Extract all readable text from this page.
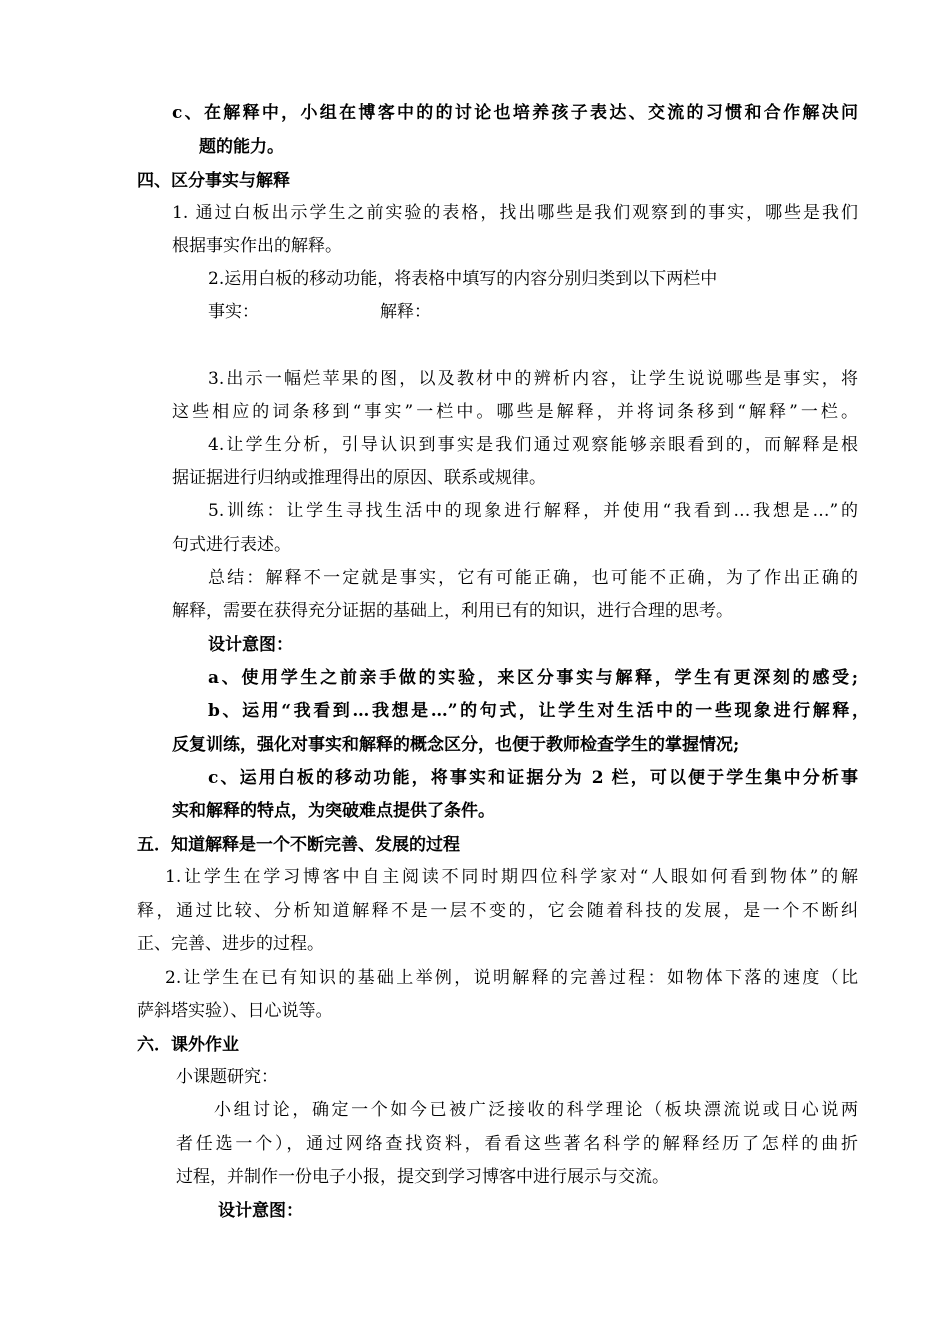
c、在解释中，小组在博客中的的讨论也培养孩子表达、交流的习惯和合作解决问
题的能力。
四、区分事实与解释
1. 通过白板出示学生之前实验的表格，找出哪些是我们观察到的事实，哪些是我们
根据事实作出的解释。
2.运用白板的移动功能，将表格中填写的内容分别归类到以下两栏中
事实：	解释：
3.出示一幅烂苹果的图，以及教材中的辨析内容，让学生说说哪些是事实，将
这些相应的词条移到“事实”一栏中。哪些是解释，并将词条移到“解释”一栏。
4.让学生分析，引导认识到事实是我们通过观察能够亲眼看到的，而解释是根
据证据进行归纳或推理得出的原因、联系或规律。
5.训练：让学生寻找生活中的现象进行解释，并使用“我看到…我想是…”的
句式进行表述。
总结：解释不一定就是事实，它有可能正确，也可能不正确，为了作出正确的
解释，需要在获得充分证据的基础上，利用已有的知识，进行合理的思考。
设计意图：
a、使用学生之前亲手做的实验，来区分事实与解释，学生有更深刻的感受;
b、运用“我看到…我想是…”的句式，让学生对生活中的一些现象进行解释，
反复训练，强化对事实和解释的概念区分，也便于教师检查学生的掌握情况;
c、运用白板的移动功能，将事实和证据分为 2 栏，可以便于学生集中分析事
实和解释的特点，为突破难点提供了条件。
五．知道解释是一个不断完善、发展的过程
1.让学生在学习博客中自主阅读不同时期四位科学家对“人眼如何看到物体”的解
释，通过比较、分析知道解释不是一层不变的，它会随着科技的发展，是一个不断纠
正、完善、进步的过程。
2.让学生在已有知识的基础上举例，说明解释的完善过程：如物体下落的速度（比
萨斜塔实验）、日心说等。
六．课外作业
小课题研究：
小组讨论，确定一个如今已被广泛接收的科学理论（板块漂流说或日心说两
者任选一个），通过网络查找资料，看看这些著名科学的解释经历了怎样的曲折
过程，并制作一份电子小报，提交到学习博客中进行展示与交流。
设计意图：
